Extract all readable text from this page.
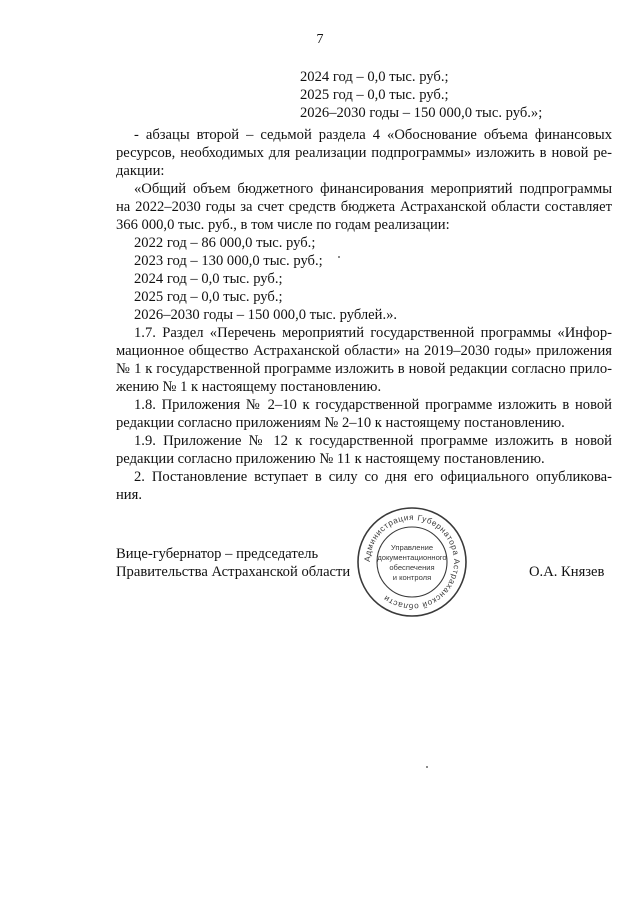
7
2024 год – 0,0 тыс. руб.;
2025 год – 0,0 тыс. руб.;
2026–2030 годы – 150 000,0 тыс. руб.»;
- абзацы второй – седьмой раздела 4 «Обоснование объема финансовых
ресурсов, необходимых для реализации подпрограммы» изложить в новой ре-
дакции:
«Общий объем бюджетного финансирования мероприятий подпрограммы
на 2022–2030 годы за счет средств бюджета Астраханской области составляет
366 000,0 тыс. руб., в том числе по годам реализации:
2022 год – 86 000,0 тыс. руб.;
2023 год – 130 000,0 тыс. руб.;
2024 год – 0,0 тыс. руб.;
2025 год – 0,0 тыс. руб.;
2026–2030 годы – 150 000,0 тыс. рублей.».
1.7. Раздел «Перечень мероприятий государственной программы «Инфор-
мационное общество Астраханской области» на 2019–2030 годы» приложения
№ 1 к государственной программе изложить в новой редакции согласно прило-
жению № 1 к настоящему постановлению.
1.8. Приложения № 2–10 к государственной программе изложить в новой
редакции согласно приложениям № 2–10 к настоящему постановлению.
1.9. Приложение № 12 к государственной программе изложить в новой
редакции согласно приложению № 11 к настоящему постановлению.
2. Постановление вступает в силу со дня его официального опубликова-
ния.
Вице-губернатор – председатель
Правительства Астраханской области	О.А. Князев
Администрация Губернатора Астраханской области
Управление
документационного
обеспечения
и контроля
